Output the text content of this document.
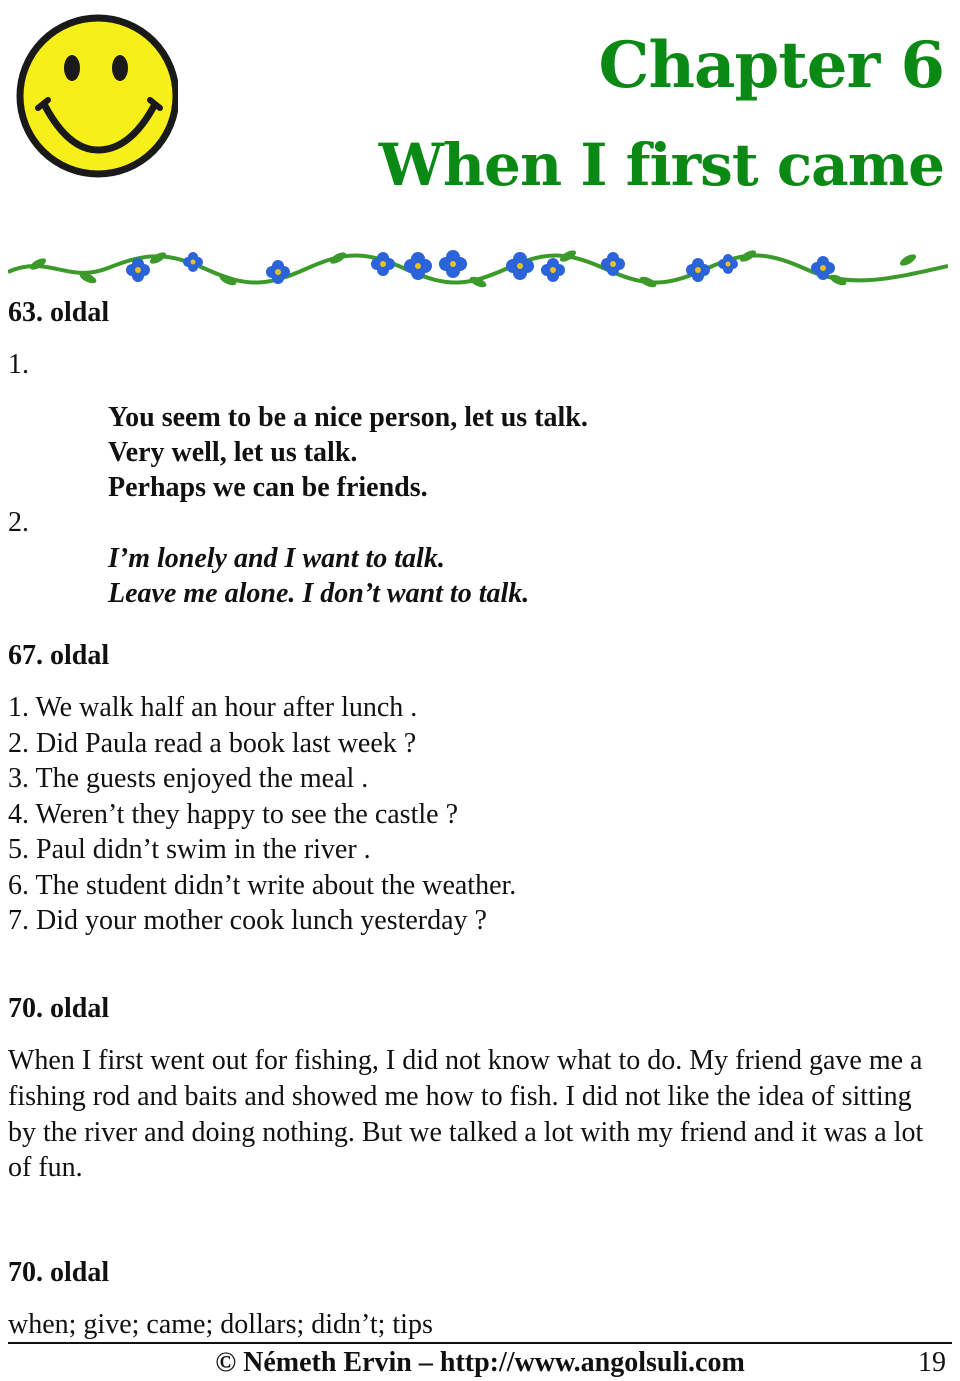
Chapter 6
When I first came
63. oldal
1.
You seem to be a nice person, let us talk.
Very well, let us talk.
Perhaps we can be friends.
2.
I’m lonely and I want to talk.
Leave me alone. I don’t want to talk.
67. oldal
1. We walk half an hour after lunch .
2. Did Paula read a book last week ?
3. The guests enjoyed the meal .
4. Weren’t they happy to see the castle ?
5. Paul didn’t swim in the river .
6. The student didn’t write about the weather.
7. Did your mother cook lunch yesterday ?
70. oldal

When I first went out for fishing, I did not know what to do. My friend gave me a fishing rod and baits and showed me how to fish. I did not like the idea of sitting by the river and doing nothing. But we talked a lot with my friend and it was a lot of fun.

70. oldal
when; give; came; dollars; didn’t; tips
© Németh Ervin – http://www.angolsuli.com	19
